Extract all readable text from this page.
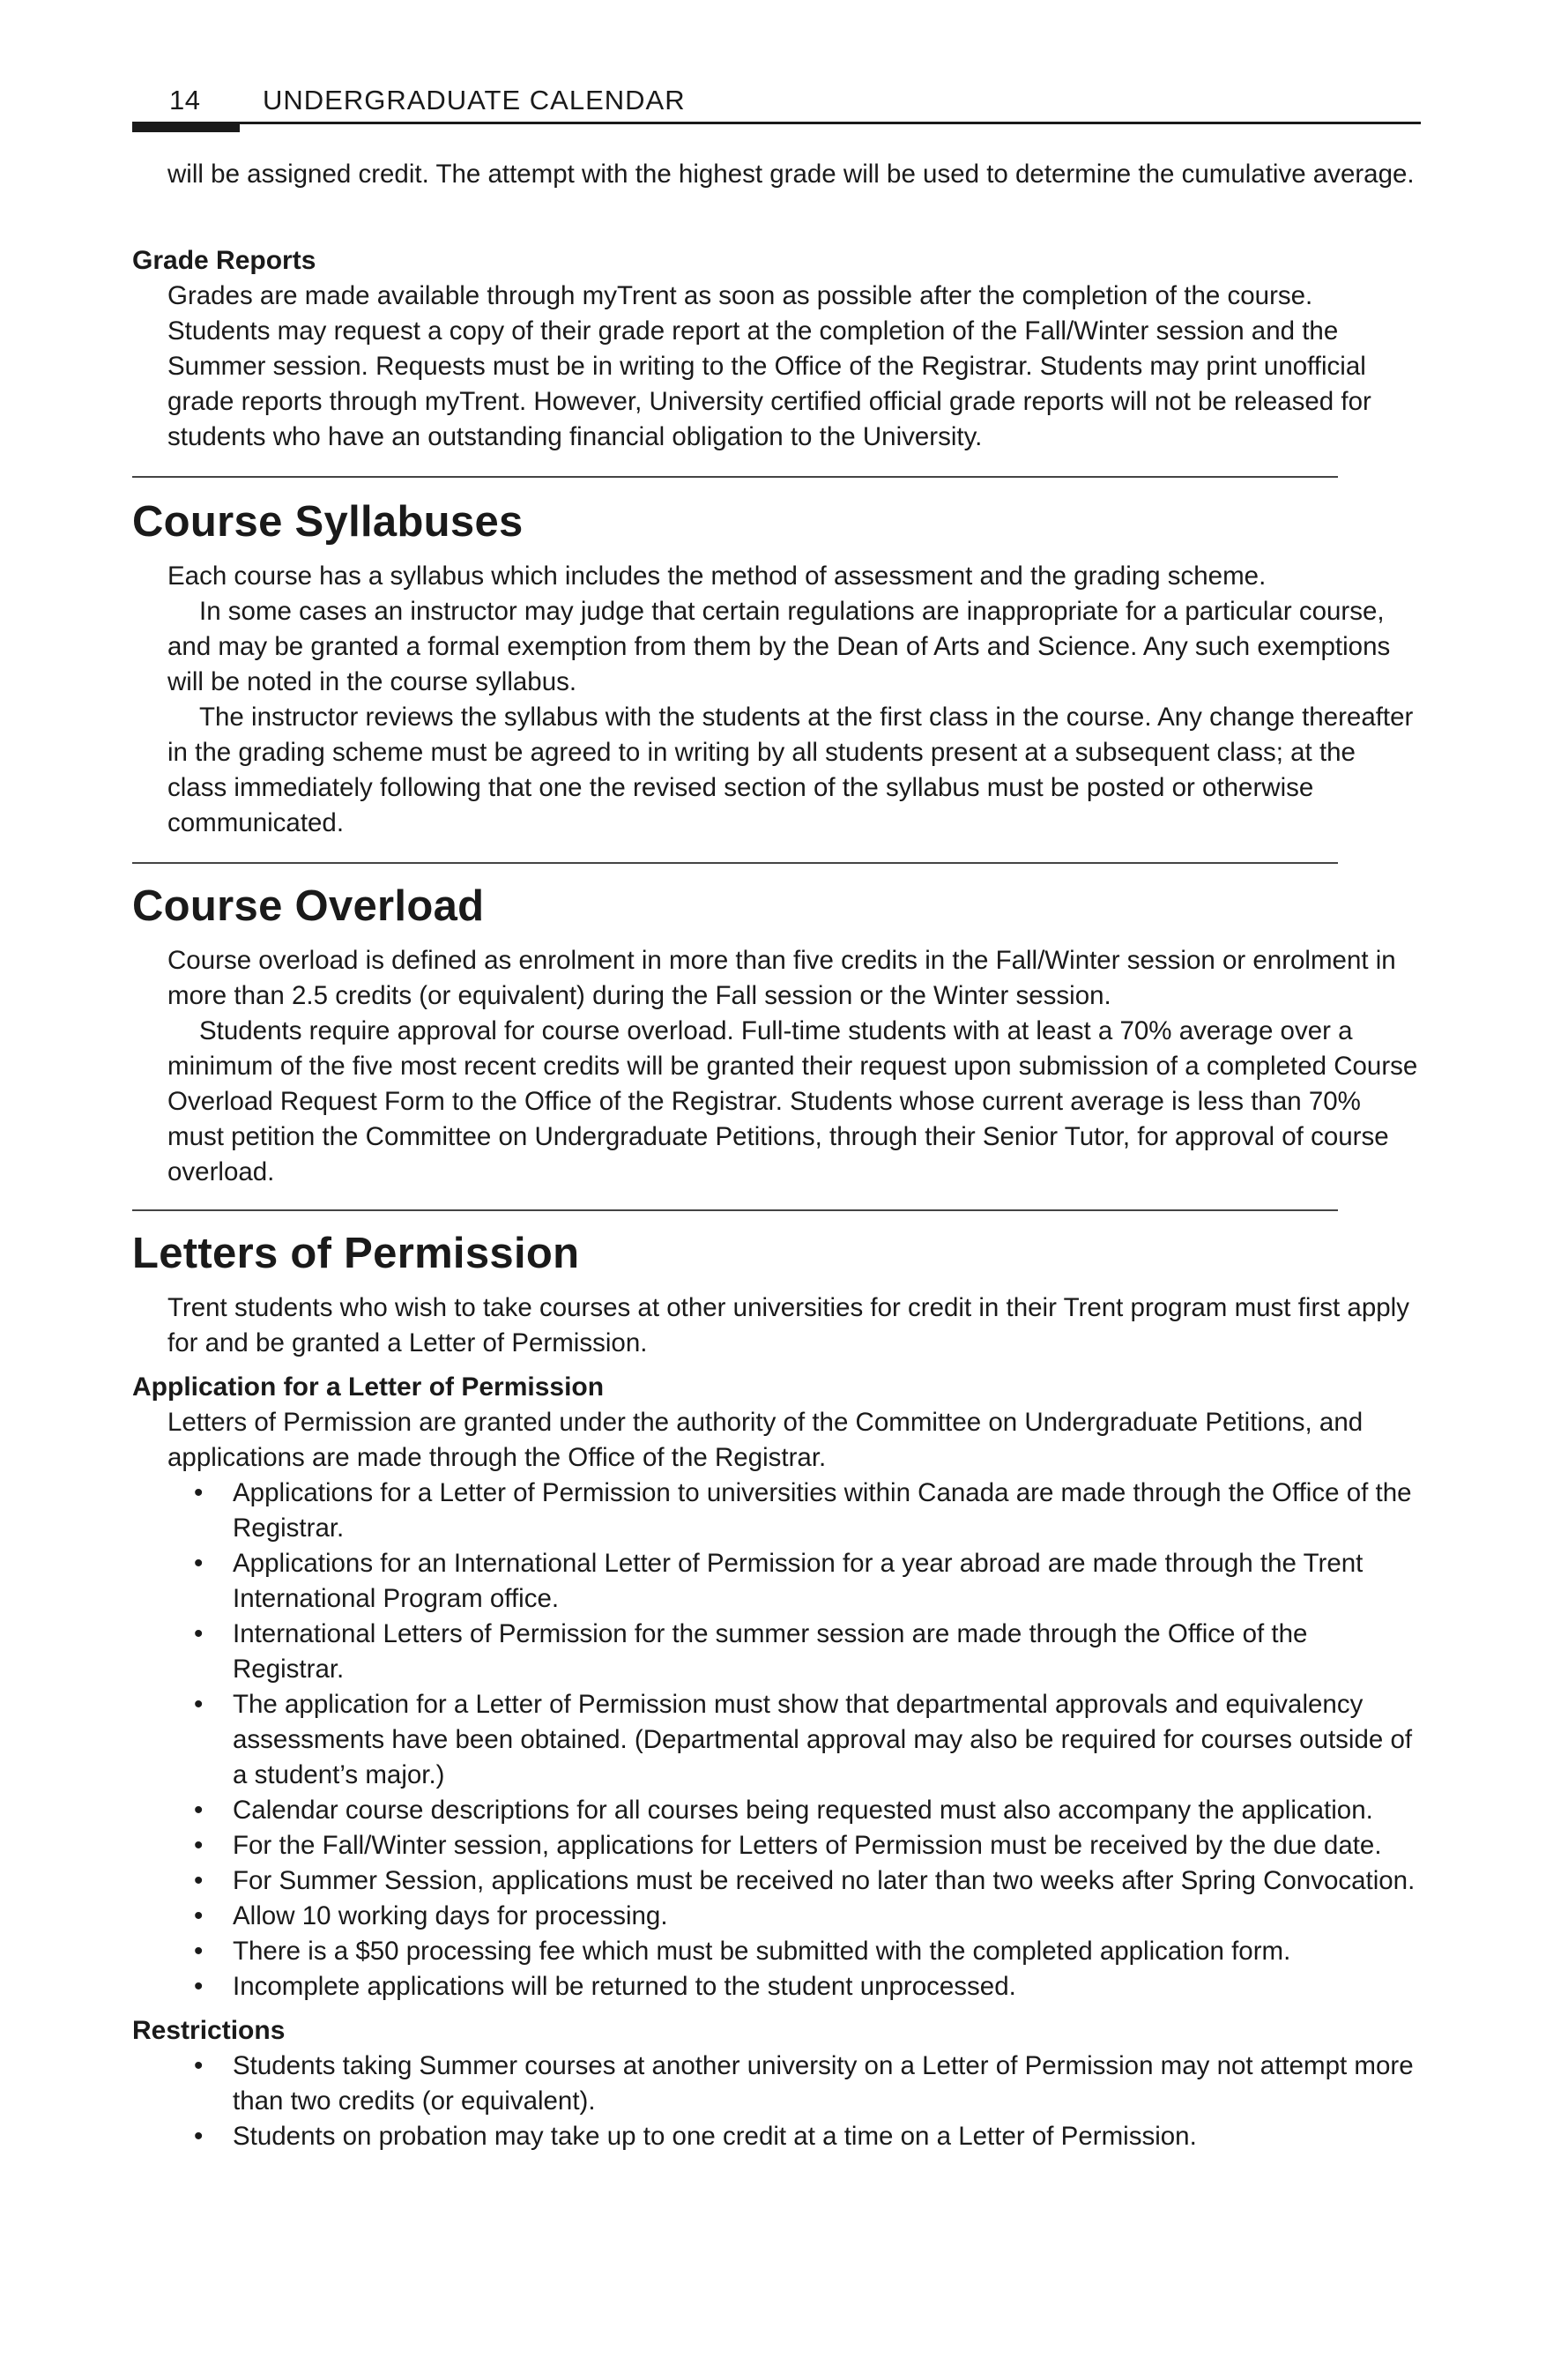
14 UNDERGRADUATE CALENDAR

will be assigned credit. The attempt with the highest grade will be used to determine the cumulative average.

Grade Reports

Grades are made available through myTrent as soon as possible after the completion of the course. Students may request a copy of their grade report at the completion of the Fall/Winter session and the Summer session. Requests must be in writing to the Office of the Registrar. Students may print unofficial grade reports through myTrent. However, University certified official grade reports will not be released for students who have an outstanding financial obligation to the University.

Course Syllabuses

Each course has a syllabus which includes the method of assessment and the grading scheme.

In some cases an instructor may judge that certain regulations are inappropriate for a particular course, and may be granted a formal exemption from them by the Dean of Arts and Science. Any such exemptions will be noted in the course syllabus.

The instructor reviews the syllabus with the students at the first class in the course. Any change thereafter in the grading scheme must be agreed to in writing by all students present at a subsequent class; at the class immediately following that one the revised section of the syllabus must be posted or otherwise communicated.

Course Overload

Course overload is defined as enrolment in more than five credits in the Fall/Winter session or enrolment in more than 2.5 credits (or equivalent) during the Fall session or the Winter session.

Students require approval for course overload. Full-time students with at least a 70% average over a minimum of the five most recent credits will be granted their request upon submission of a completed Course Overload Request Form to the Office of the Registrar. Students whose current average is less than 70% must petition the Committee on Undergraduate Petitions, through their Senior Tutor, for approval of course overload.

Letters of Permission

Trent students who wish to take courses at other universities for credit in their Trent program must first apply for and be granted a Letter of Permission.

Application for a Letter of Permission

Letters of Permission are granted under the authority of the Committee on Undergraduate Petitions, and applications are made through the Office of the Registrar.

• Applications for a Letter of Permission to universities within Canada are made through the Office of the Registrar.
• Applications for an International Letter of Permission for a year abroad are made through the Trent International Program office.
• International Letters of Permission for the summer session are made through the Office of the Registrar.
• The application for a Letter of Permission must show that departmental approvals and equivalency assessments have been obtained. (Departmental approval may also be required for courses outside of a student’s major.)
• Calendar course descriptions for all courses being requested must also accompany the application.
• For the Fall/Winter session, applications for Letters of Permission must be received by the due date.
• For Summer Session, applications must be received no later than two weeks after Spring Convocation.
• Allow 10 working days for processing.
• There is a $50 processing fee which must be submitted with the completed application form.
• Incomplete applications will be returned to the student unprocessed.
Restrictions
• Students taking Summer courses at another university on a Letter of Permission may not attempt more than two credits (or equivalent).
• Students on probation may take up to one credit at a time on a Letter of Permission.
